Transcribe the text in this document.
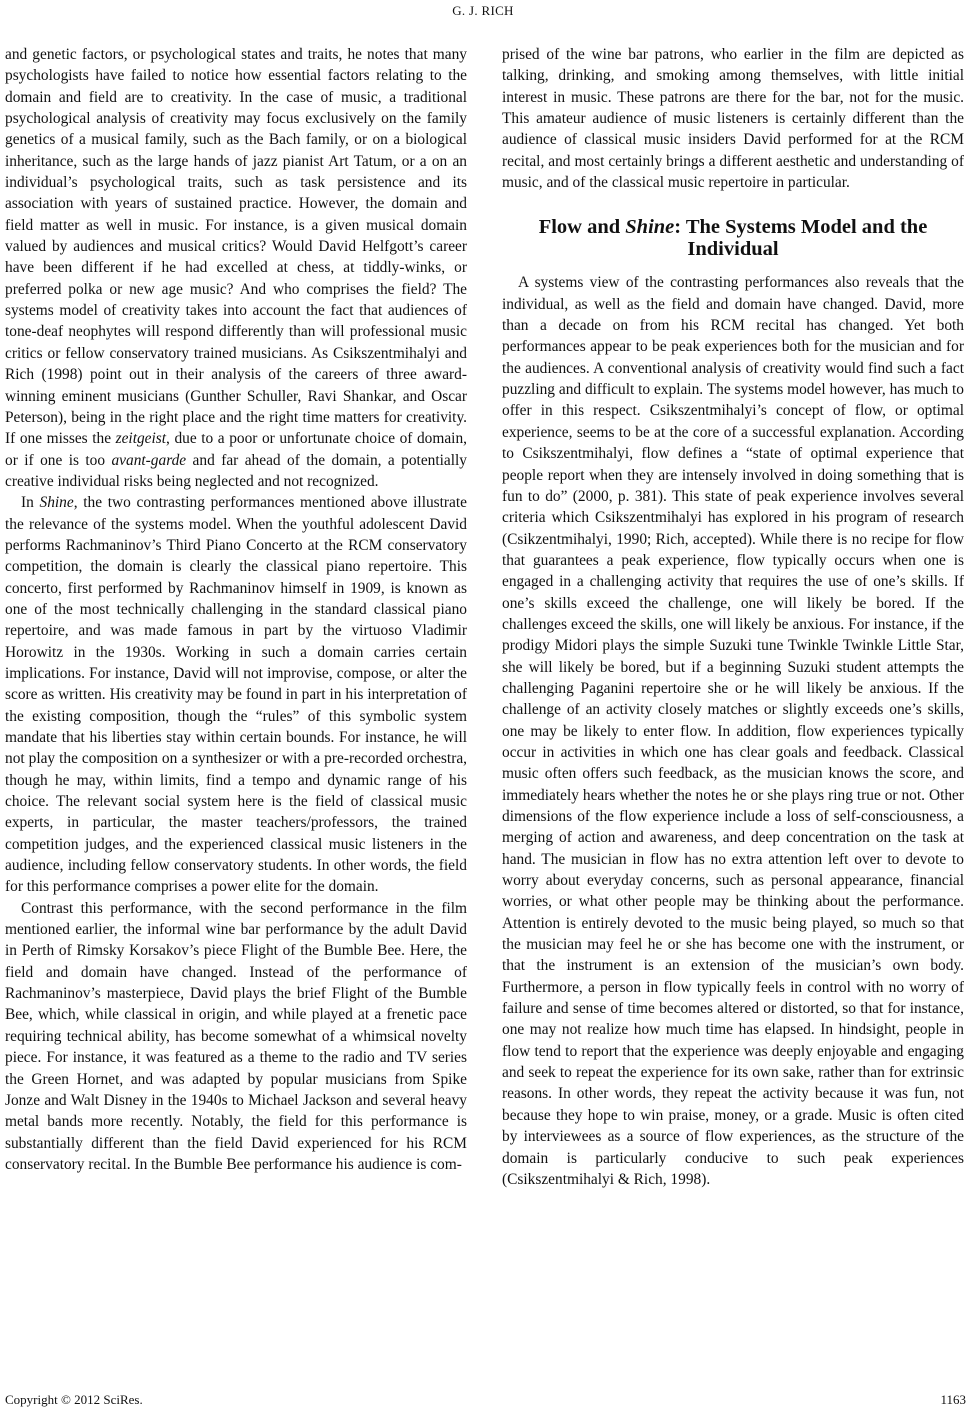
G. J. RICH

and genetic factors, or psychological states and traits, he notes that many psychologists have failed to notice how essential factors relating to the domain and field are to creativity. In the case of music, a traditional psychological analysis of creativity may focus exclusively on the family genetics of a musical family, such as the Bach family, or on a biological inheritance, such as the large hands of jazz pianist Art Tatum, or a on an individual’s psychological traits, such as task persistence and its association with years of sustained practice. However, the domain and field matter as well in music. For instance, is a given musical domain valued by audiences and musical critics? Would David Helfgott’s career have been different if he had excelled at chess, at tiddly-winks, or preferred polka or new age music? And who comprises the field? The systems model of creativity takes into account the fact that audiences of tone-deaf neophytes will respond differently than will professional music critics or fellow conservatory trained musicians. As Csikszentmihalyi and Rich (1998) point out in their analysis of the careers of three award-winning eminent musicians (Gunther Schuller, Ravi Shankar, and Oscar Peterson), being in the right place and the right time matters for creativity. If one misses the zeitgeist, due to a poor or unfortunate choice of domain, or if one is too avant-garde and far ahead of the domain, a potentially creative individual risks being neglected and not recognized.

In Shine, the two contrasting performances mentioned above illustrate the relevance of the systems model. When the youthful adolescent David performs Rachmaninov’s Third Piano Concerto at the RCM conservatory competition, the domain is clearly the classical piano repertoire. This concerto, first performed by Rachmaninov himself in 1909, is known as one of the most technically challenging in the standard classical piano repertoire, and was made famous in part by the virtuoso Vladimir Horowitz in the 1930s. Working in such a domain carries certain implications. For instance, David will not improvise, compose, or alter the score as written. His creativity may be found in part in his interpretation of the existing composition, though the “rules” of this symbolic system mandate that his liberties stay within certain bounds. For instance, he will not play the composition on a synthesizer or with a pre-recorded orchestra, though he may, within limits, find a tempo and dynamic range of his choice. The relevant social system here is the field of classical music experts, in particular, the master teachers/professors, the trained competition judges, and the experienced classical music listeners in the audience, including fellow conservatory students. In other words, the field for this performance comprises a power elite for the domain.

Contrast this performance, with the second performance in the film mentioned earlier, the informal wine bar performance by the adult David in Perth of Rimsky Korsakov’s piece Flight of the Bumble Bee. Here, the field and domain have changed. Instead of the performance of Rachmaninov’s masterpiece, David plays the brief Flight of the Bumble Bee, which, while classical in origin, and while played at a frenetic pace requiring technical ability, has become somewhat of a whimsical novelty piece. For instance, it was featured as a theme to the radio and TV series the Green Hornet, and was adapted by popular musicians from Spike Jonze and Walt Disney in the 1940s to Michael Jackson and several heavy metal bands more recently. Notably, the field for this performance is substantially different than the field David experienced for his RCM conservatory recital. In the Bumble Bee performance his audience is com-

prised of the wine bar patrons, who earlier in the film are depicted as talking, drinking, and smoking among themselves, with little initial interest in music. These patrons are there for the bar, not for the music. This amateur audience of music listeners is certainly different than the audience of classical music insiders David performed for at the RCM recital, and most certainly brings a different aesthetic and understanding of music, and of the classical music repertoire in particular.

Flow and Shine: The Systems Model and the Individual

A systems view of the contrasting performances also reveals that the individual, as well as the field and domain have changed. David, more than a decade on from his RCM recital has changed. Yet both performances appear to be peak experiences both for the musician and for the audiences. A conventional analysis of creativity would find such a fact puzzling and difficult to explain. The systems model however, has much to offer in this respect. Csikszentmihalyi’s concept of flow, or optimal experience, seems to be at the core of a successful explanation. According to Csikszentmihalyi, flow defines a “state of optimal experience that people report when they are intensely involved in doing something that is fun to do” (2000, p. 381). This state of peak experience involves several criteria which Csikszentmihalyi has explored in his program of research (Csikzentmihalyi, 1990; Rich, accepted). While there is no recipe for flow that guarantees a peak experience, flow typically occurs when one is engaged in a challenging activity that requires the use of one’s skills. If one’s skills exceed the challenge, one will likely be bored. If the challenges exceed the skills, one will likely be anxious. For instance, if the prodigy Midori plays the simple Suzuki tune Twinkle Twinkle Little Star, she will likely be bored, but if a beginning Suzuki student attempts the challenging Paganini repertoire she or he will likely be anxious. If the challenge of an activity closely matches or slightly exceeds one’s skills, one may be likely to enter flow. In addition, flow experiences typically occur in activities in which one has clear goals and feedback. Classical music often offers such feedback, as the musician knows the score, and immediately hears whether the notes he or she plays ring true or not. Other dimensions of the flow experience include a loss of self-consciousness, a merging of action and awareness, and deep concentration on the task at hand. The musician in flow has no extra attention left over to devote to worry about everyday concerns, such as personal appearance, financial worries, or what other people may be thinking about the performance. Attention is entirely devoted to the music being played, so much so that the musician may feel he or she has become one with the instrument, or that the instrument is an extension of the musician’s own body. Furthermore, a person in flow typically feels in control with no worry of failure and sense of time becomes altered or distorted, so that for instance, one may not realize how much time has elapsed. In hindsight, people in flow tend to report that the experience was deeply enjoyable and engaging and seek to repeat the experience for its own sake, rather than for extrinsic reasons. In other words, they repeat the activity because it was fun, not because they hope to win praise, money, or a grade. Music is often cited by interviewees as a source of flow experiences, as the structure of the domain is particularly conducive to such peak experiences (Csikszentmihalyi & Rich, 1998).

Copyright © 2012 SciRes.	1163
